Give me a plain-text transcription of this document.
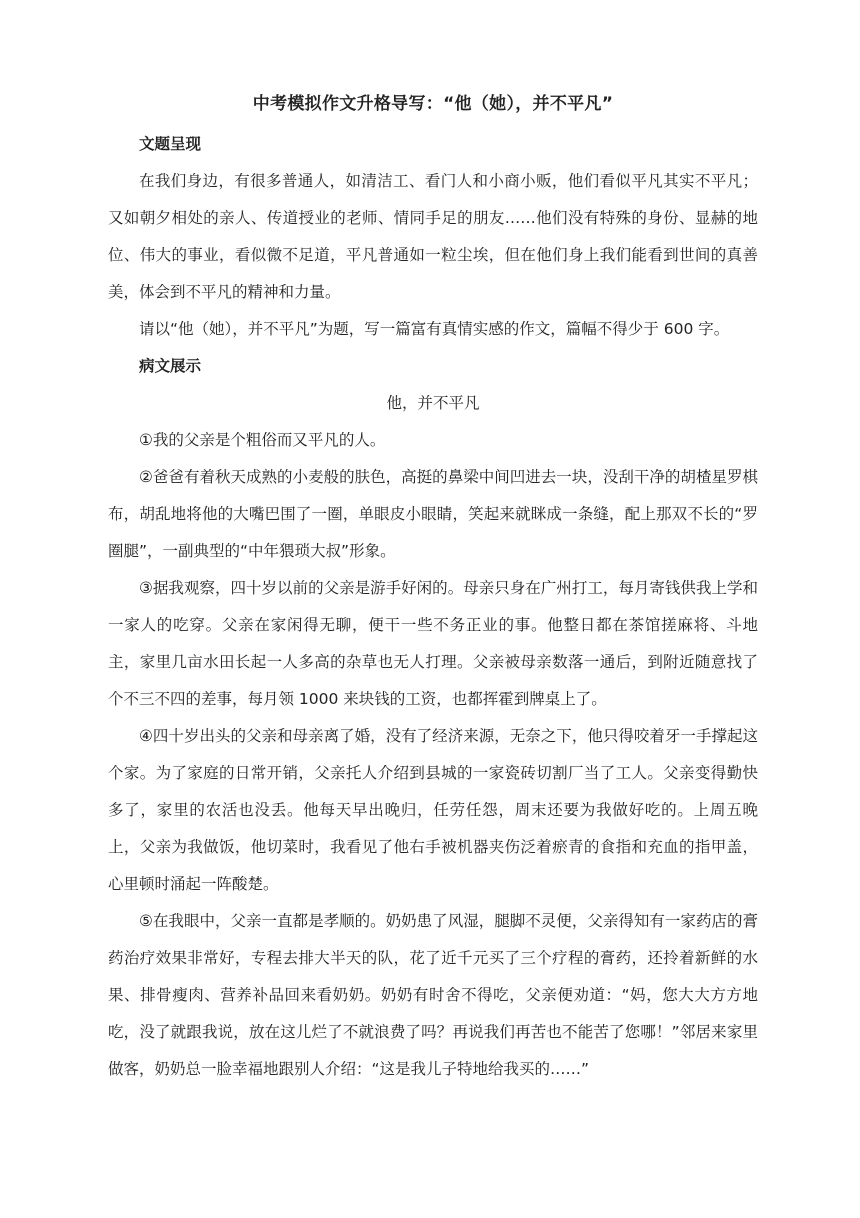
中考模拟作文升格导写：“他（她），并不平凡”

文题呈现

在我们身边，有很多普通人，如清洁工、看门人和小商小贩，他们看似平凡其实不平凡；又如朝夕相处的亲人、传道授业的老师、情同手足的朋友……他们没有特殊的身份、显赫的地位、伟大的事业，看似微不足道，平凡普通如一粒尘埃，但在他们身上我们能看到世间的真善美，体会到不平凡的精神和力量。

请以“他（她），并不平凡”为题，写一篇富有真情实感的作文，篇幅不得少于 600 字。

病文展示

他，并不平凡

①我的父亲是个粗俗而又平凡的人。

②爸爸有着秋天成熟的小麦般的肤色，高挺的鼻梁中间凹进去一块，没刮干净的胡楂星罗棋布，胡乱地将他的大嘴巴围了一圈，单眼皮小眼睛，笑起来就眯成一条缝，配上那双不长的“罗圈腿”，一副典型的“中年猥琐大叔”形象。

③据我观察，四十岁以前的父亲是游手好闲的。母亲只身在广州打工，每月寄钱供我上学和一家人的吃穿。父亲在家闲得无聊，便干一些不务正业的事。他整日都在茶馆搓麻将、斗地主，家里几亩水田长起一人多高的杂草也无人打理。父亲被母亲数落一通后，到附近随意找了个不三不四的差事，每月领 1000 来块钱的工资，也都挥霍到牌桌上了。

④四十岁出头的父亲和母亲离了婚，没有了经济来源，无奈之下，他只得咬着牙一手撑起这个家。为了家庭的日常开销，父亲托人介绍到县城的一家瓷砖切割厂当了工人。父亲变得勤快多了，家里的农活也没丢。他每天早出晚归，任劳任怨，周末还要为我做好吃的。上周五晚上，父亲为我做饭，他切菜时，我看见了他右手被机器夹伤泛着瘀青的食指和充血的指甲盖，心里顿时涌起一阵酸楚。

⑤在我眼中，父亲一直都是孝顺的。奶奶患了风湿，腿脚不灵便，父亲得知有一家药店的膏药治疗效果非常好，专程去排大半天的队，花了近千元买了三个疗程的膏药，还拎着新鲜的水果、排骨瘦肉、营养补品回来看奶奶。奶奶有时舍不得吃，父亲便劝道：“妈，您大大方方地吃，没了就跟我说，放在这儿烂了不就浪费了吗？再说我们再苦也不能苦了您哪！”邻居来家里做客，奶奶总一脸幸福地跟别人介绍：“这是我儿子特地给我买的……”
